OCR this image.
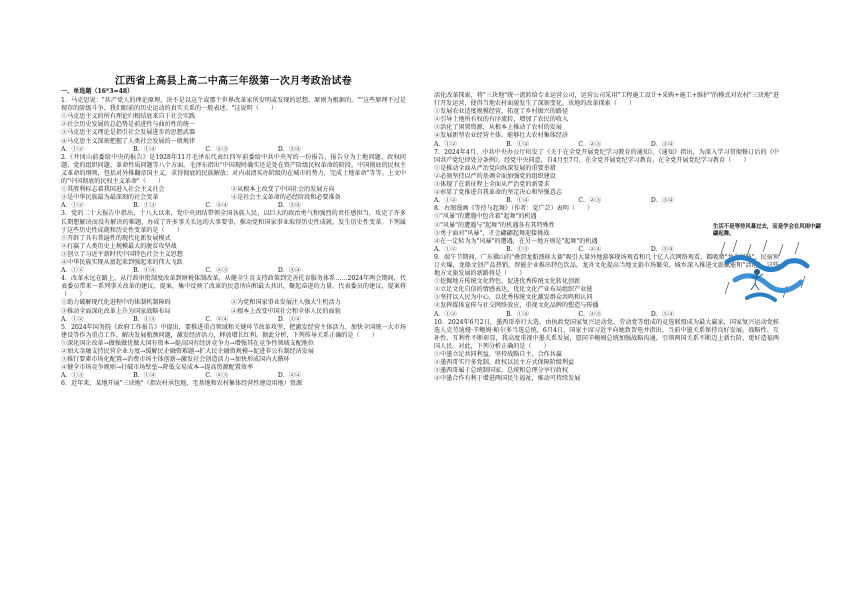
江西省上高县上高二中高三年级第一次月考政治试卷
一、单选题（16*3=48）
1．马克思说："共产党人的理论原理，决不是以这个或那个世界改革家所发明或发现的思想、原则为根据的。""这些原理不过是现存的阶级斗争、我们眼前的历史运动的真实关系的一般表述。"这说明（　　）
①马克思主义的所有理论归根结底来自于社会实践
②社会历史发展的总趋势是前进性与曲折性的统一
③马克思主义理论是指引社会发展进步的思想武器
④马克思主义深刻把握了人类社会发展的一般规律
A．①②	B．①④	C．②③	D．③④
2.《井冈山前委给中央的报告》是1928年11月毛泽东代表红四军前委给中共中央写的一份报告，报告分为土地问题、政权问题、党的组织问题、革命性质问题等八个方面。毛泽东指出"中国现时确实还是处在资产阶级民权革命的阶段。中国彻底的民权主义革命的纲领，包括对外推翻帝国主义，求得彻底的民族解放；对内肃清买办阶级的在城市的势力，完成土地革命"等等。上文中的"中国彻底的民权主义革命"（　　）
①其胜利标志着我国进入社会主义社会	②从根本上改变了中国社会的发展方向
③是中华民族最为最深刻的社会变革	④是社会主义革命的必经阶段和必要准备
A．①②	B．①③	C．②④	D．③④
3．党的二十大报告中指出，十八大以来，党中央团结带领全国各族人民，以巨大的政治勇气和强烈的责任感担当，攻克了许多长期想解决而没有解决的难题，办成了许多事关长远的大事要事，推动党和国家事业取得历史性成就、发生历史性变革。下列属于这些历史性成就和历史性变革的是（　　）
①开辟了具有普遍性的现代化新发展模式
②打赢了人类历史上规模最大的脱贫攻坚战
③创立了习近平新时代中国特色社会主义思想
④中华民族实现从富起来到强起来的伟大飞跃
A．①②	B．①④	C．②③	D．③④
4．改革永远在路上，从行政审批制度改革到财税体制改革，从健全生育支持政策到完善托育服务体系……2024年两会期间，代表委员带来一系列事关改革的建议、提案，集中反映了改革的民意所向和最大共识，聚起奋进的力量。代表委员的建议、提案将（　　）
①助力破解现代化进程中的体制机制障碍	②为党和国家事业发展注入强大生机活力
③推动全面深化改革上升为国家战略布局	④根本上改变中国社会和全体人民的面貌
A．①②	B．①③	C．②④	D．③④
5．2024年国务院《政府工作报告》中提出，要推进重点领域和关键环节改革攻坚，把激发经营主体活力、加快全国统一大市场建设等作为重点工作，解决发展瓶颈问题，激发经济活力，释放增长红利。据此分析，下列传导关系正确的是（　　）
①深化国企改革→做强做优做大国有资本→提高国有经济竞争力→增强其在竞争性领域支配地位
②加大金融支持民营企业力度→缓解民企融资难题→扩大民企融资规模→促进非公有制经济发展
③推行要素市场化配置→消费市场主体创新→激发社会创造活力→加快形成国内大循环
④健全市场竞争规则→打破市场壁垒→降低交易成本→提高资源配置效率
A．①③	B．①④	C．②③	D．②④
6．近年来，某地开展"三块地"（指农村承包地、宅基地和农村集体经营性建设用地）资源
活化改革探索，将"三块地"统一流转给专业运营公司，运营公司采用"工程施工设计+采购+施工+维护"的模式对农村"三块地"进行开发运营，使得当地农村面貌发生了深刻变化。该地的改革探索（　　）
①发展农业适度规模经营，拓宽了乡村振兴的路径
②引导土地所有权的有序流转，增加了农民的收入
③活化了闲置资源，从根本上推动了农村的发展
④发展新型农业经营主体，能够壮大农村集体经济
A．①②	B．①④	C．②③	D．③④
7．2024年4月，中共中央办公厅印发了《关于在全党开展党纪学习教育的通知》。《通知》指出，为深入学习贯彻修订后的《中国共产党纪律处分条例》，经党中央同意，自4月至7月，在全党开展党纪学习教育。在全党开展党纪学习教育（　　）
①是推动全面从严治党向纵深发展的重要举措
②必须坚持以严的基调全面加强党的组织建设
③体现了在新征程上全面从严治党的新要求
④彰显了党推进自我革命的坚定决心和坚强意志
A．①②	B．①④	C．②③	D．③④
8．右图漫画《等待与起舞》（作者：觉广芸）表明（　　）
①"风暴"的遭遇中包含着"起舞"的机遇
②"风暴"的遭遇与"起舞"的机遇各有其特殊性
③勇于面对"风暴"，才会翩翩起舞迎接挑战
④在一定转为为"风暴"的遭遇，在另一地方则是"起舞"的机遇
A．①②	B．①③	C．②④	D．③④
9．端午节期间，广东佛山的"叠滘龙船漂移大赛"吸引大量外地游客现场观看和几十亿人次网络观看，都吸睛"龙舟经济"，民宿预订火爆，龙船文创产品热销，智能企业推出特色饮品，龙舟文化提高当地文旅市场繁荣，城乡深入推进文旅赋能和"活化"，这些地方文旅发展的新路将是（　　）
①挖掘地方传统文化特色，促进优秀传统文化转化创新
②立足文化自信的情感表达，优化文化产业布局组织产业链
③坚持以人民为中心，以优秀传统文化激发群众共鸣和认同
④发挥媒体宣传与社交网络效应，重视文化品牌的塑造与传播
A．①②	B．①④	C．②③	D．③④
10．2024年6月2日，墨西哥举行大选，由执政党国家复兴运动党、劳动党等组成的竞选联盟成为最大赢家，国家复兴运动党候选人克劳迪娅·辛鲍姆·帕尔多当选总统，6月4日，国家主席习近平向她致贺电并指出，当前中墨关系保持良好发展。战略性、互补性、互利性不断彰显，我高度重视中墨关系发展，愿同辛鲍姆总统加强战略沟通，引领两国关系不断迈上新台阶，更好造福两国人民。对此，下列分析正确的是（　　）
①中墨立足共同利益，坚持战略自主、合作共赢
②墨西哥实行多党制，政权以民主方式保障阶级利益
③墨西哥属于总统制国家，总统和总理分享行政权
④中墨合作有利于增进两国民生福祉，推动可持续发展
生活不是等待风暴过去，而是学会在风雨中翩翩起舞。
